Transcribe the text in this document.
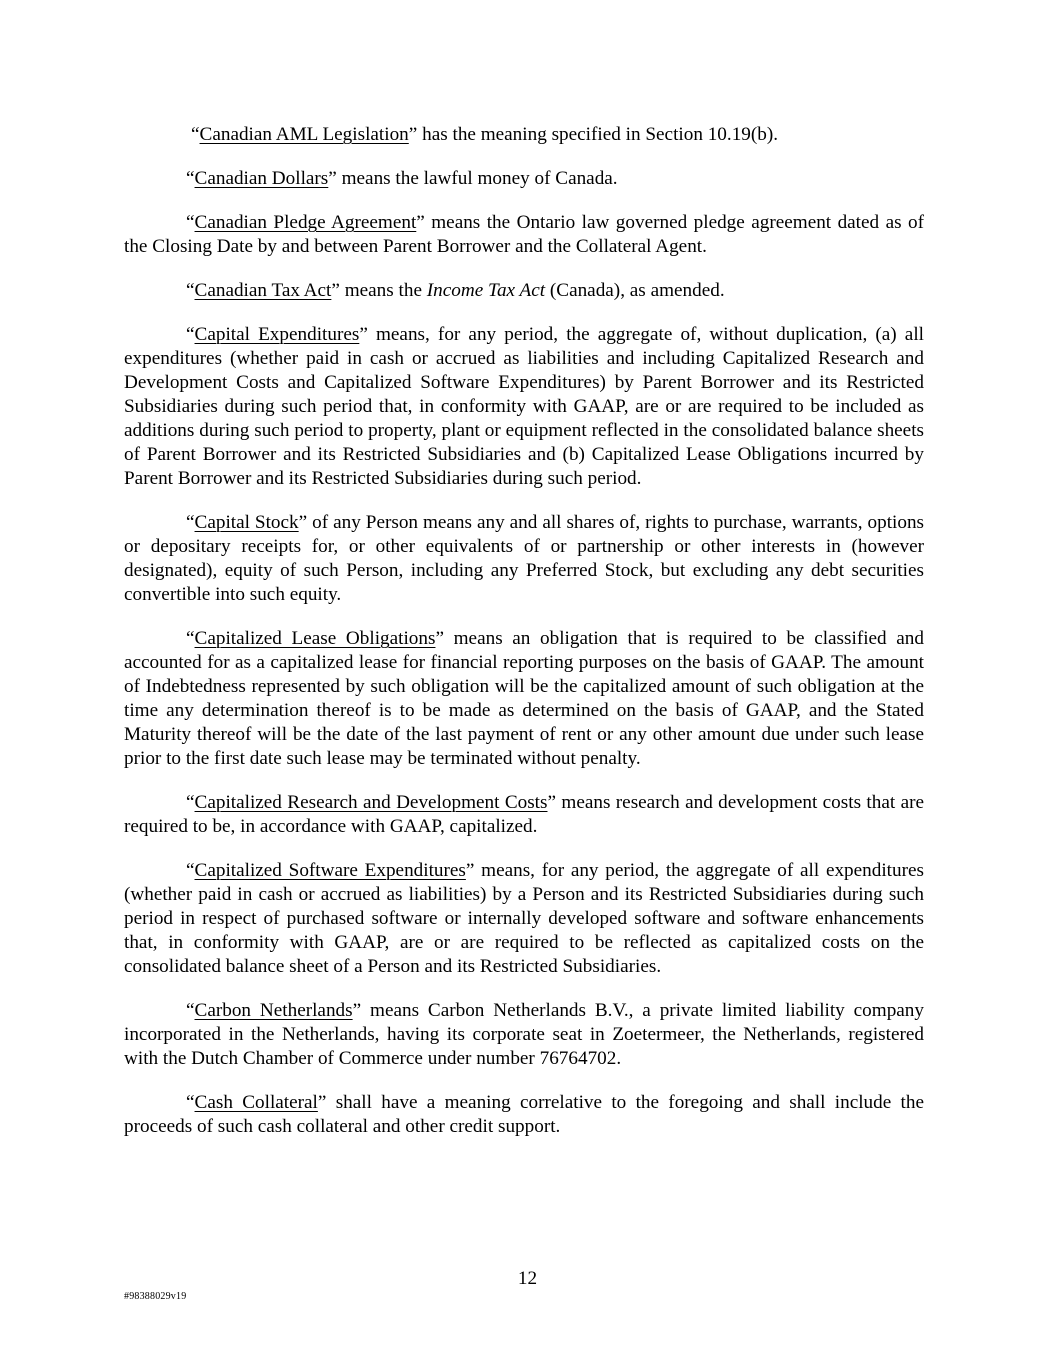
“Canadian AML Legislation” has the meaning specified in Section 10.19(b).

“Canadian Dollars” means the lawful money of Canada.

“Canadian Pledge Agreement” means the Ontario law governed pledge agreement dated as of the Closing Date by and between Parent Borrower and the Collateral Agent.

“Canadian Tax Act” means the Income Tax Act (Canada), as amended.

“Capital Expenditures” means, for any period, the aggregate of, without duplication, (a) all expenditures (whether paid in cash or accrued as liabilities and including Capitalized Research and Development Costs and Capitalized Software Expenditures) by Parent Borrower and its Restricted Subsidiaries during such period that, in conformity with GAAP, are or are required to be included as additions during such period to property, plant or equipment reflected in the consolidated balance sheets of Parent Borrower and its Restricted Subsidiaries and (b) Capitalized Lease Obligations incurred by Parent Borrower and its Restricted Subsidiaries during such period.

“Capital Stock” of any Person means any and all shares of, rights to purchase, warrants, options or depositary receipts for, or other equivalents of or partnership or other interests in (however designated), equity of such Person, including any Preferred Stock, but excluding any debt securities convertible into such equity.

“Capitalized Lease Obligations” means an obligation that is required to be classified and accounted for as a capitalized lease for financial reporting purposes on the basis of GAAP. The amount of Indebtedness represented by such obligation will be the capitalized amount of such obligation at the time any determination thereof is to be made as determined on the basis of GAAP, and the Stated Maturity thereof will be the date of the last payment of rent or any other amount due under such lease prior to the first date such lease may be terminated without penalty.

“Capitalized Research and Development Costs” means research and development costs that are required to be, in accordance with GAAP, capitalized.

“Capitalized Software Expenditures” means, for any period, the aggregate of all expenditures (whether paid in cash or accrued as liabilities) by a Person and its Restricted Subsidiaries during such period in respect of purchased software or internally developed software and software enhancements that, in conformity with GAAP, are or are required to be reflected as capitalized costs on the consolidated balance sheet of a Person and its Restricted Subsidiaries.

“Carbon Netherlands” means Carbon Netherlands B.V., a private limited liability company incorporated in the Netherlands, having its corporate seat in Zoetermeer, the Netherlands, registered with the Dutch Chamber of Commerce under number 76764702.

“Cash Collateral” shall have a meaning correlative to the foregoing and shall include the proceeds of such cash collateral and other credit support.

12
#98388029v19
